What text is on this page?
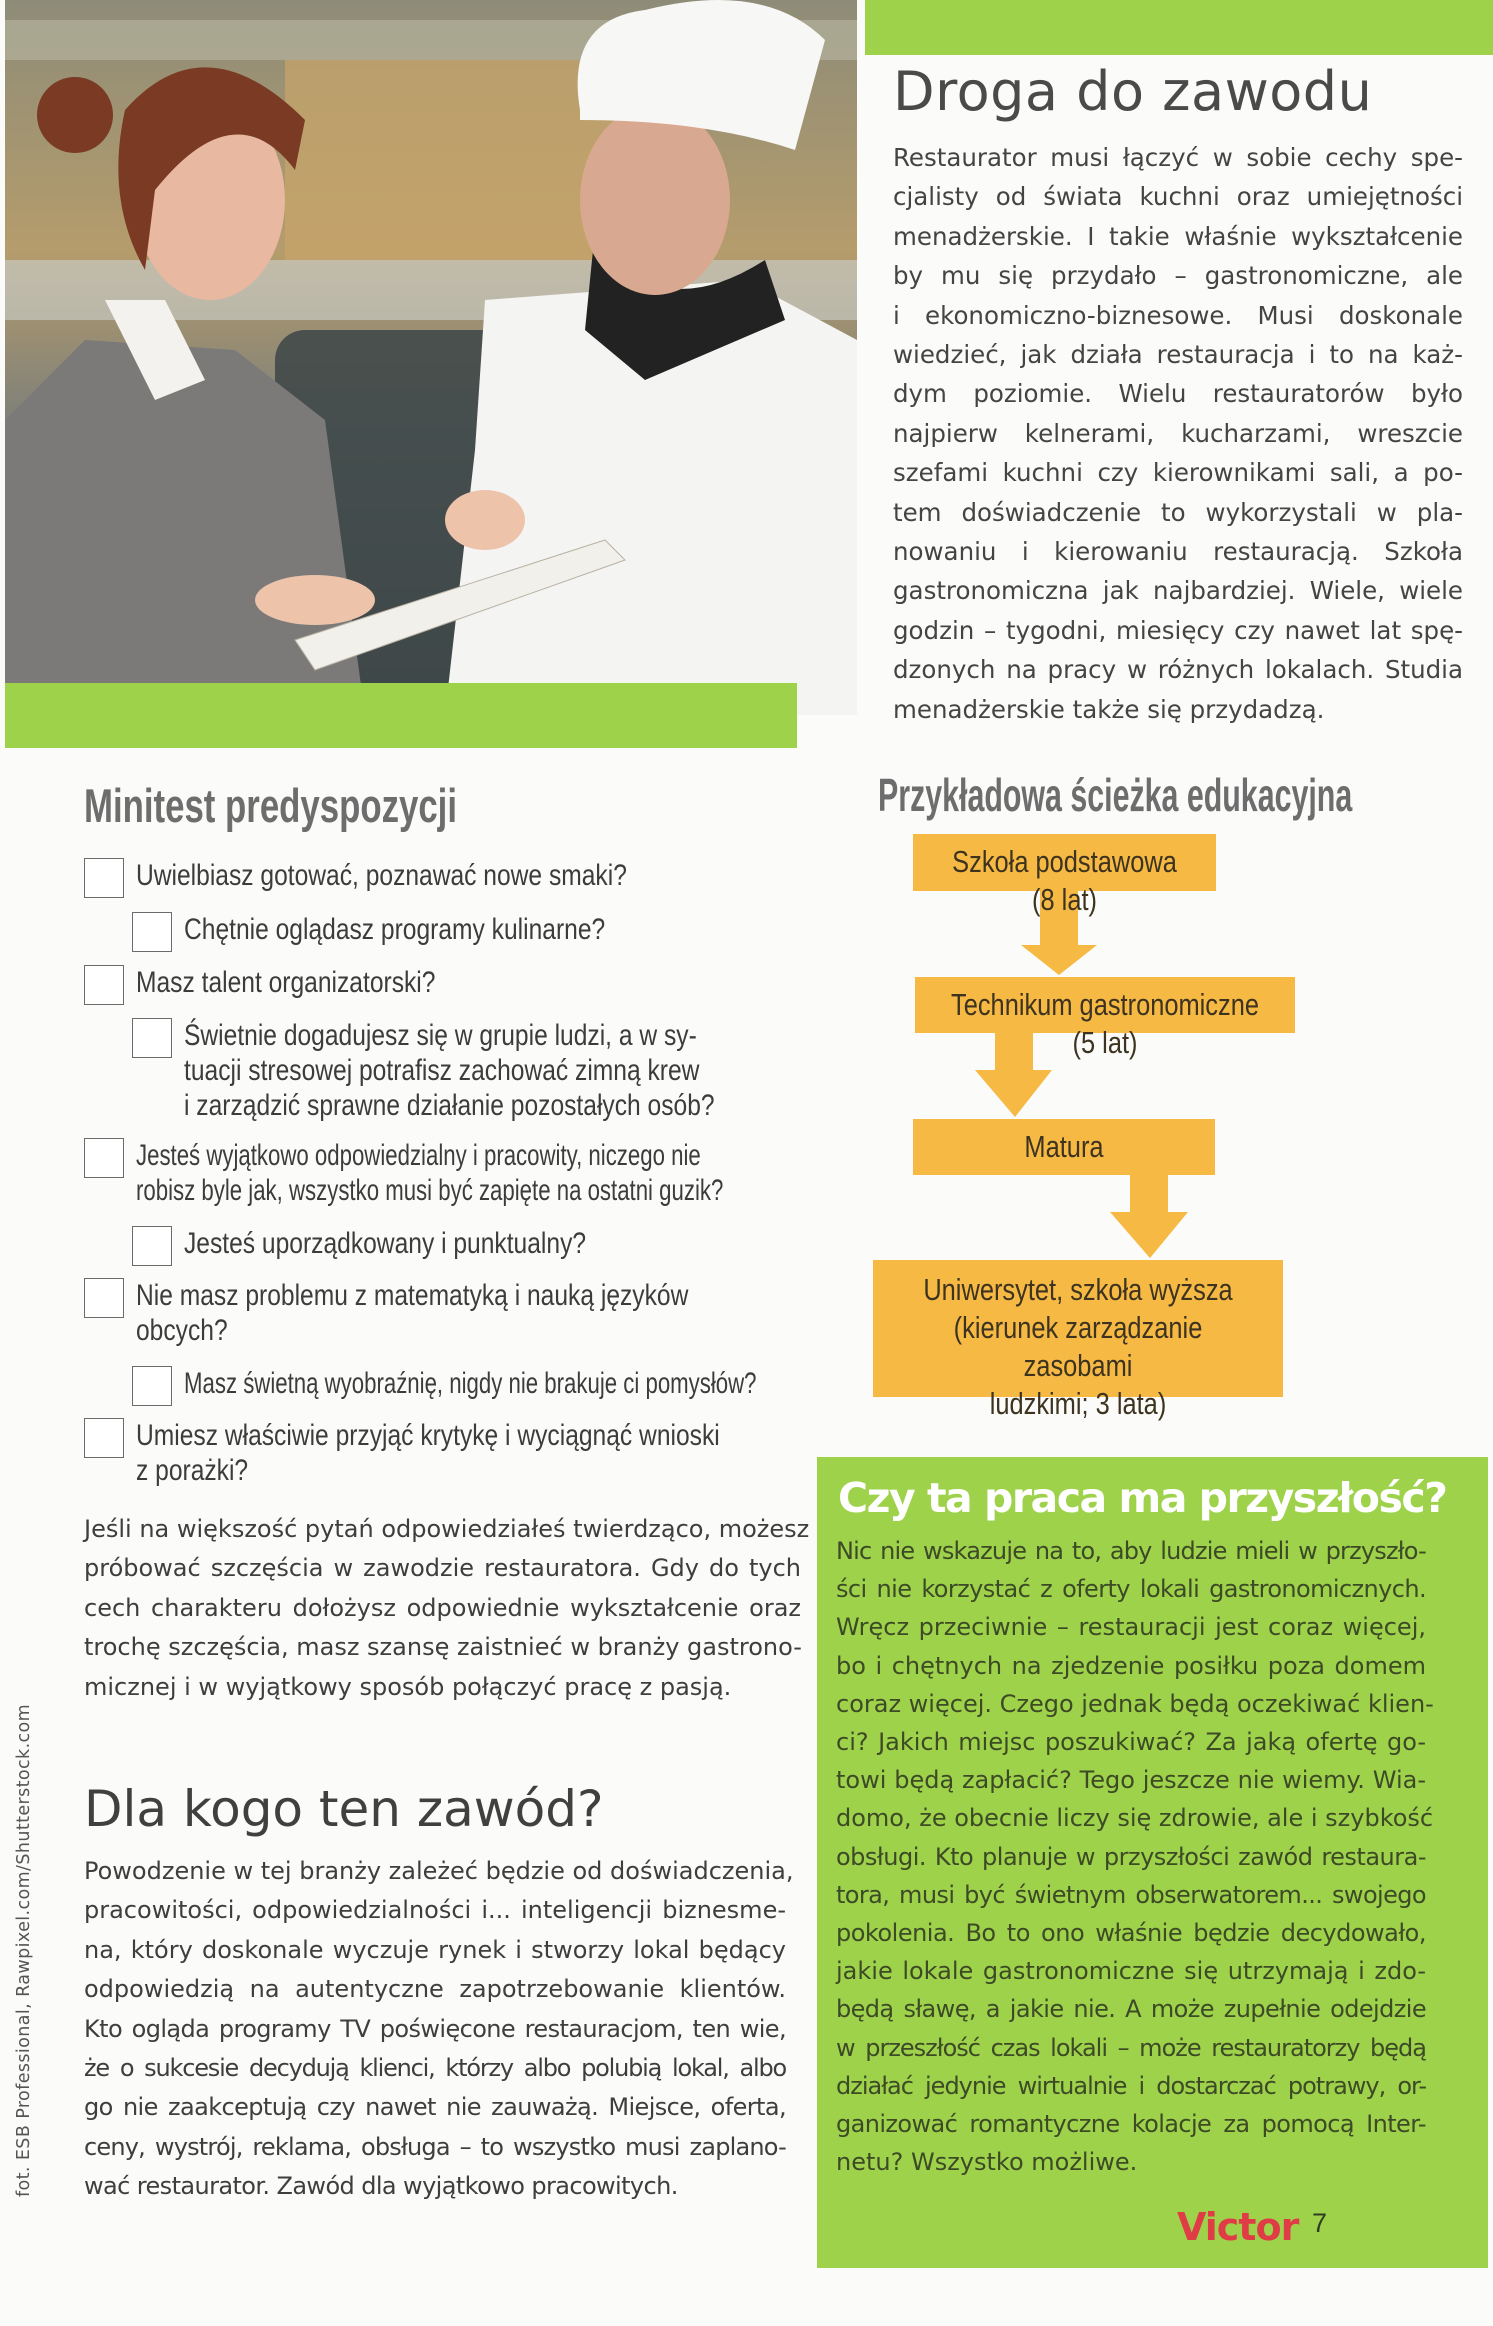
Droga do zawodu
Restaurator musi łączyć w sobie cechy spe-
cjalisty od świata kuchni oraz umiejętności
menadżerskie. I takie właśnie wykształcenie
by mu się przydało – gastronomiczne, ale
i ekonomiczno-biznesowe. Musi doskonale
wiedzieć, jak działa restauracja i to na każ-
dym poziomie. Wielu restauratorów było
najpierw kelnerami, kucharzami, wreszcie
szefami kuchni czy kierownikami sali, a po-
tem doświadczenie to wykorzystali w pla-
nowaniu i kierowaniu restauracją. Szkoła
gastronomiczna jak najbardziej. Wiele, wiele
godzin – tygodni, miesięcy czy nawet lat spę-
dzonych na pracy w różnych lokalach. Studia
menadżerskie także się przydadzą.
Minitest predyspozycji
Uwielbiasz gotować, poznawać nowe smaki?
Chętnie oglądasz programy kulinarne?
Masz talent organizatorski?
Świetnie dogadujesz się w grupie ludzi, a w sy-
tuacji stresowej potrafisz zachować zimną krew
i zarządzić sprawne działanie pozostałych osób?
Jesteś wyjątkowo odpowiedzialny i pracowity, niczego nie
robisz byle jak, wszystko musi być zapięte na ostatni guzik?
Jesteś uporządkowany i punktualny?
Nie masz problemu z matematyką i nauką języków
obcych?
Masz świetną wyobraźnię, nigdy nie brakuje ci pomysłów?
Umiesz właściwie przyjąć krytykę i wyciągnąć wnioski
z porażki?
Jeśli na większość pytań odpowiedziałeś twierdząco, możesz
próbować szczęścia w zawodzie restauratora. Gdy do tych
cech charakteru dołożysz odpowiednie wykształcenie oraz
trochę szczęścia, masz szansę zaistnieć w branży gastrono-
micznej i w wyjątkowy sposób połączyć pracę z pasją.
Dla kogo ten zawód?
Powodzenie w tej branży zależeć będzie od doświadczenia,
pracowitości, odpowiedzialności i... inteligencji biznesme-
na, który doskonale wyczuje rynek i stworzy lokal będący
odpowiedzią na autentyczne zapotrzebowanie klientów.
Kto ogląda programy TV poświęcone restauracjom, ten wie,
że o sukcesie decydują klienci, którzy albo polubią lokal, albo
go nie zaakceptują czy nawet nie zauważą. Miejsce, oferta,
ceny, wystrój, reklama, obsługa – to wszystko musi zaplano-
wać restaurator. Zawód dla wyjątkowo pracowitych.
fot. ESB Professional, Rawpixel.com/Shutterstock.com
Przykładowa ścieżka edukacyjna
Szkoła podstawowa (8 lat)
Technikum gastronomiczne (5 lat)
Matura
Uniwersytet, szkoła wyższa
(kierunek zarządzanie zasobami
ludzkimi; 3 lata)
Czy ta praca ma przyszłość?
Nic nie wskazuje na to, aby ludzie mieli w przyszło-
ści nie korzystać z oferty lokali gastronomicznych.
Wręcz przeciwnie – restauracji jest coraz więcej,
bo i chętnych na zjedzenie posiłku poza domem
coraz więcej. Czego jednak będą oczekiwać klien-
ci? Jakich miejsc poszukiwać? Za jaką ofertę go-
towi będą zapłacić? Tego jeszcze nie wiemy. Wia-
domo, że obecnie liczy się zdrowie, ale i szybkość
obsługi. Kto planuje w przyszłości zawód restaura-
tora, musi być świetnym obserwatorem... swojego
pokolenia. Bo to ono właśnie będzie decydowało,
jakie lokale gastronomiczne się utrzymają i zdo-
będą sławę, a jakie nie. A może zupełnie odejdzie
w przeszłość czas lokali – może restauratorzy będą
działać jedynie wirtualnie i dostarczać potrawy, or-
ganizować romantyczne kolacje za pomocą Inter-
netu? Wszystko możliwe.
Victor 7
